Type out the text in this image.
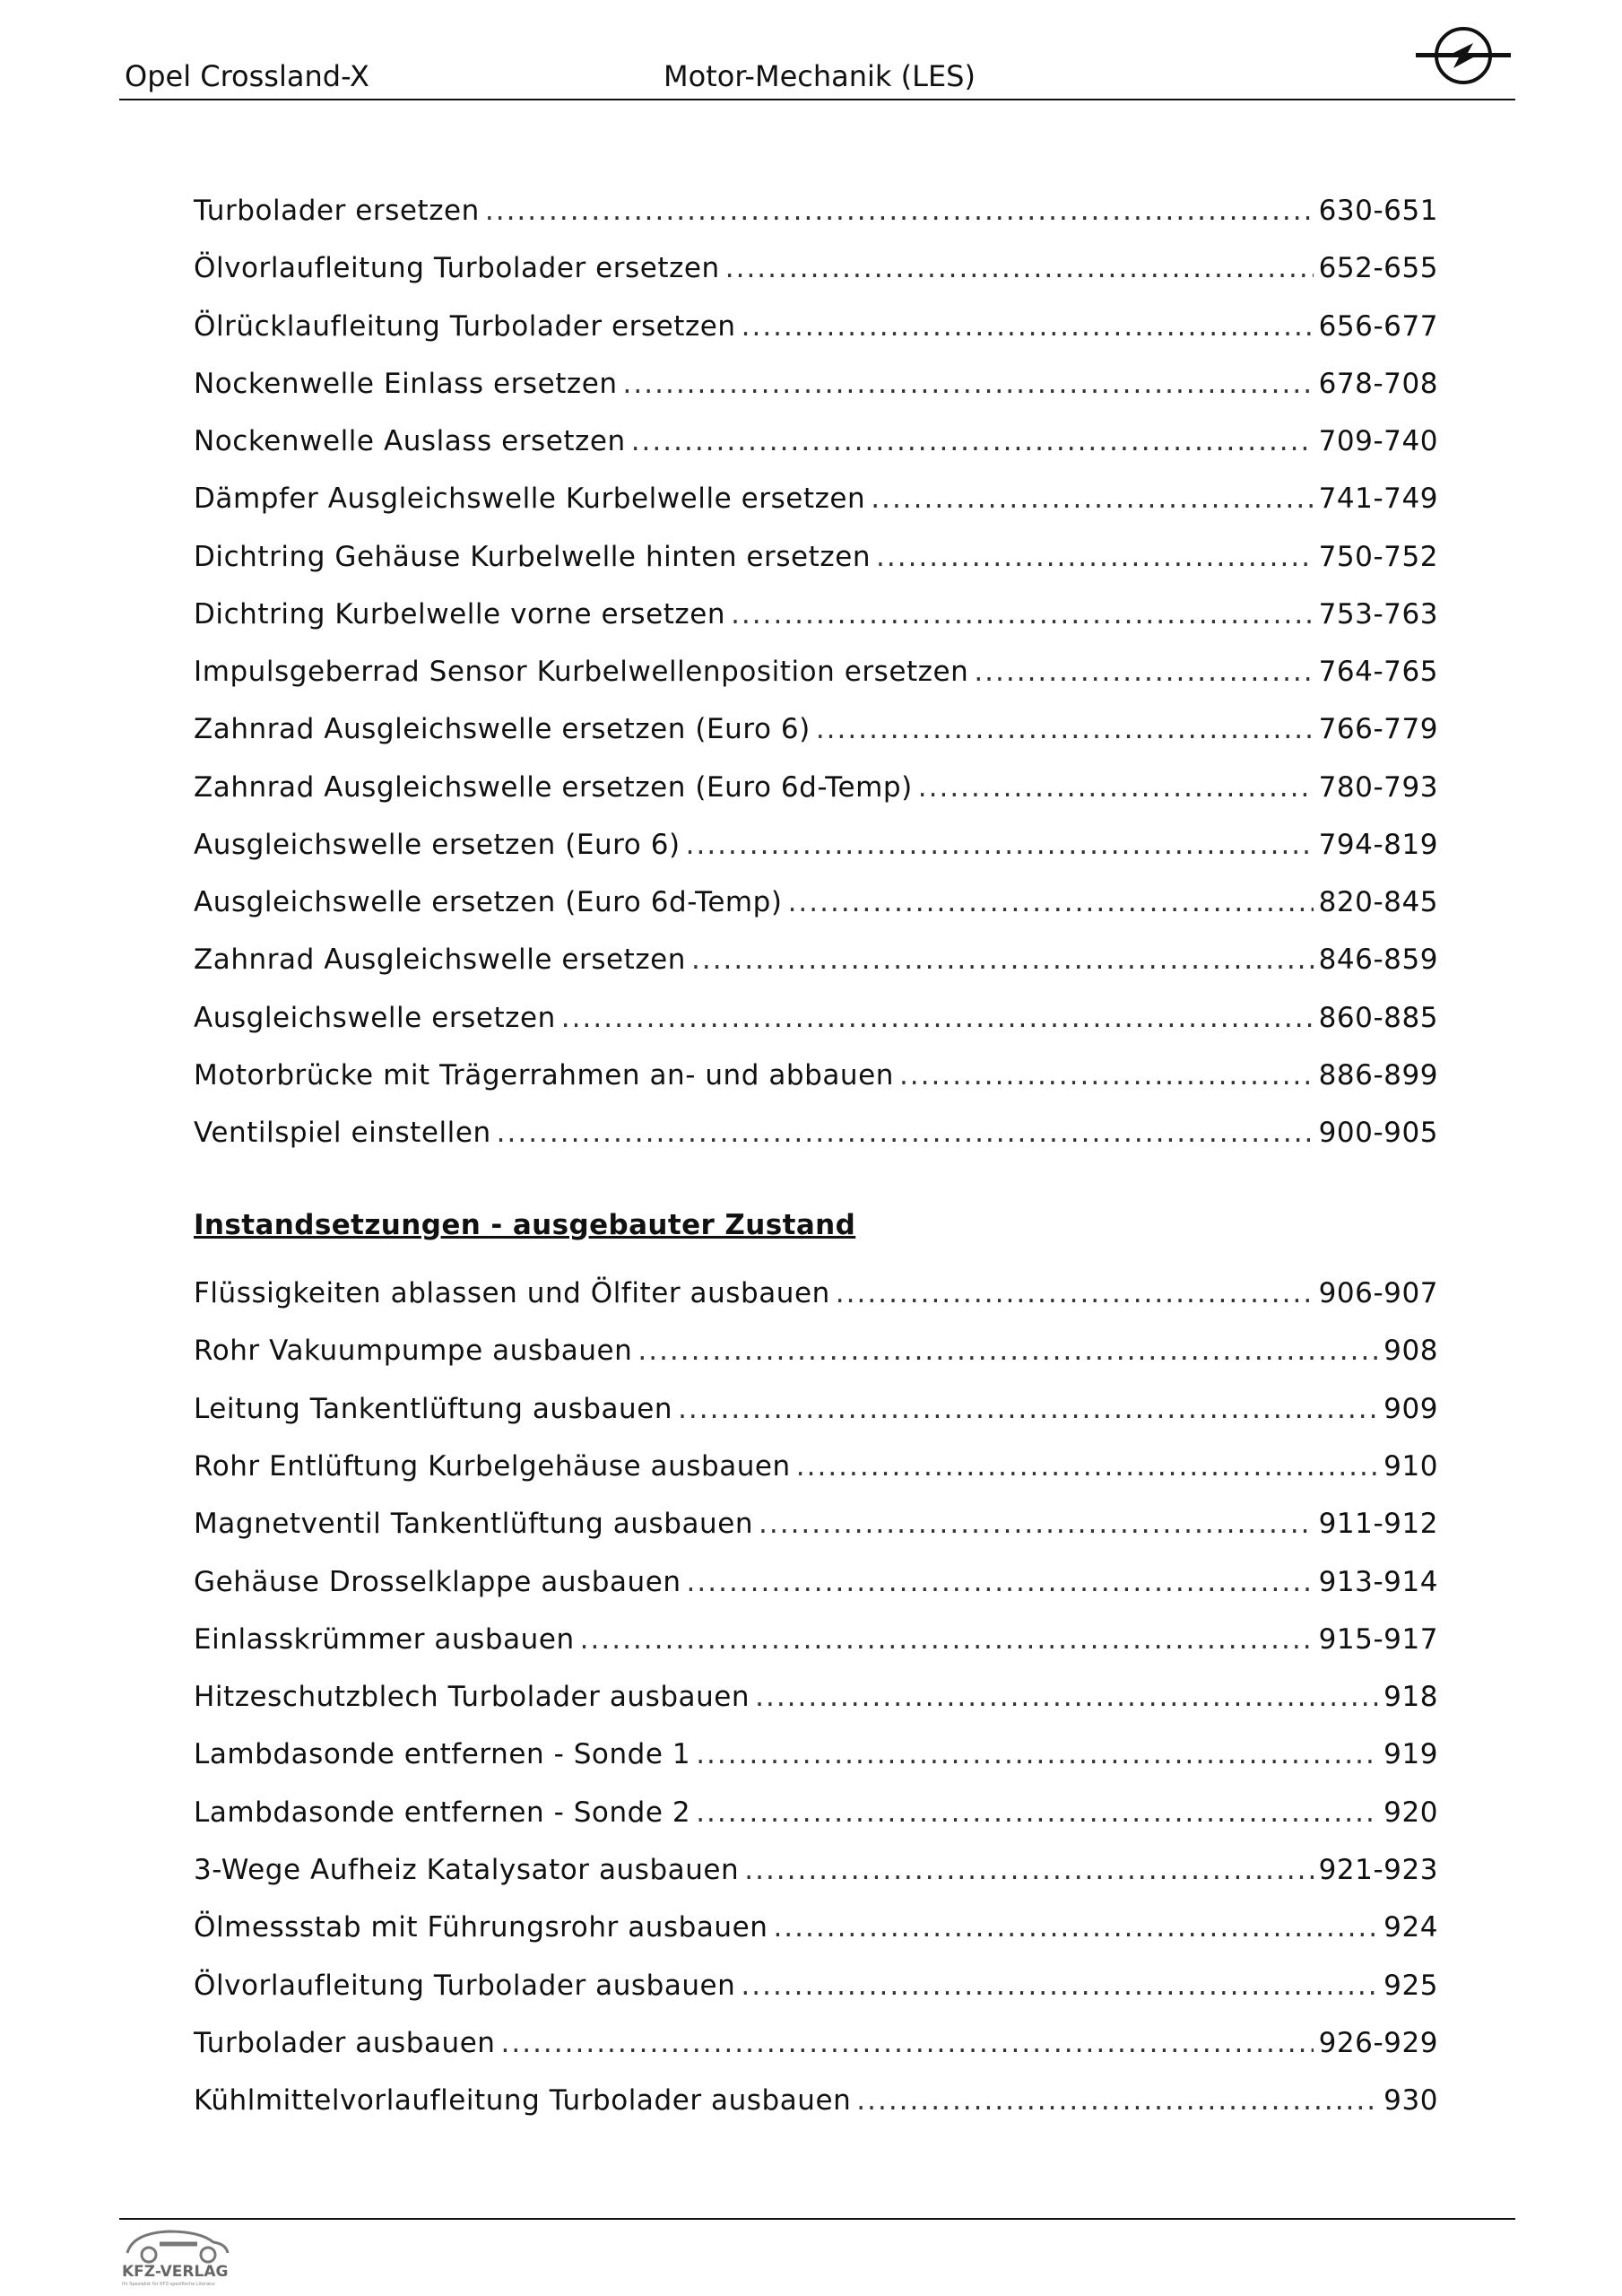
Opel Crossland-X	Motor-Mechanik (LES)
Turbolader ersetzen .....	630-651
Ölvorlaufleitung Turbolader ersetzen .....	652-655
Ölrücklaufleitung Turbolader ersetzen .....	656-677
Nockenwelle Einlass ersetzen .....	678-708
Nockenwelle Auslass ersetzen .....	709-740
Dämpfer Ausgleichswelle Kurbelwelle ersetzen .....	741-749
Dichtring Gehäuse Kurbelwelle hinten ersetzen .....	750-752
Dichtring Kurbelwelle vorne ersetzen .....	753-763
Impulsgeberrad Sensor Kurbelwellenposition ersetzen .....	764-765
Zahnrad Ausgleichswelle ersetzen (Euro 6) .....	766-779
Zahnrad Ausgleichswelle ersetzen (Euro 6d-Temp) .....	780-793
Ausgleichswelle ersetzen (Euro 6) .....	794-819
Ausgleichswelle ersetzen (Euro 6d-Temp) .....	820-845
Zahnrad Ausgleichswelle ersetzen .....	846-859
Ausgleichswelle ersetzen .....	860-885
Motorbrücke mit Trägerrahmen an- und abbauen .....	886-899
Ventilspiel einstellen .....	900-905
Instandsetzungen - ausgebauter Zustand
Flüssigkeiten ablassen und Ölfiter ausbauen .....	906-907
Rohr Vakuumpumpe ausbauen .....	908
Leitung Tankentlüftung ausbauen .....	909
Rohr Entlüftung Kurbelgehäuse ausbauen .....	910
Magnetventil Tankentlüftung ausbauen .....	911-912
Gehäuse Drosselklappe ausbauen .....	913-914
Einlasskrümmer ausbauen .....	915-917
Hitzeschutzblech Turbolader ausbauen .....	918
Lambdasonde entfernen - Sonde 1 .....	919
Lambdasonde entfernen - Sonde 2 .....	920
3-Wege Aufheiz Katalysator ausbauen .....	921-923
Ölmessstab mit Führungsrohr ausbauen .....	924
Ölvorlaufleitung Turbolader ausbauen .....	925
Turbolader ausbauen .....	926-929
Kühlmittelvorlaufleitung Turbolader ausbauen .....	930
KFZ-VERLAG
Ihr Spezialist für KFZ-spezifische Literatur
